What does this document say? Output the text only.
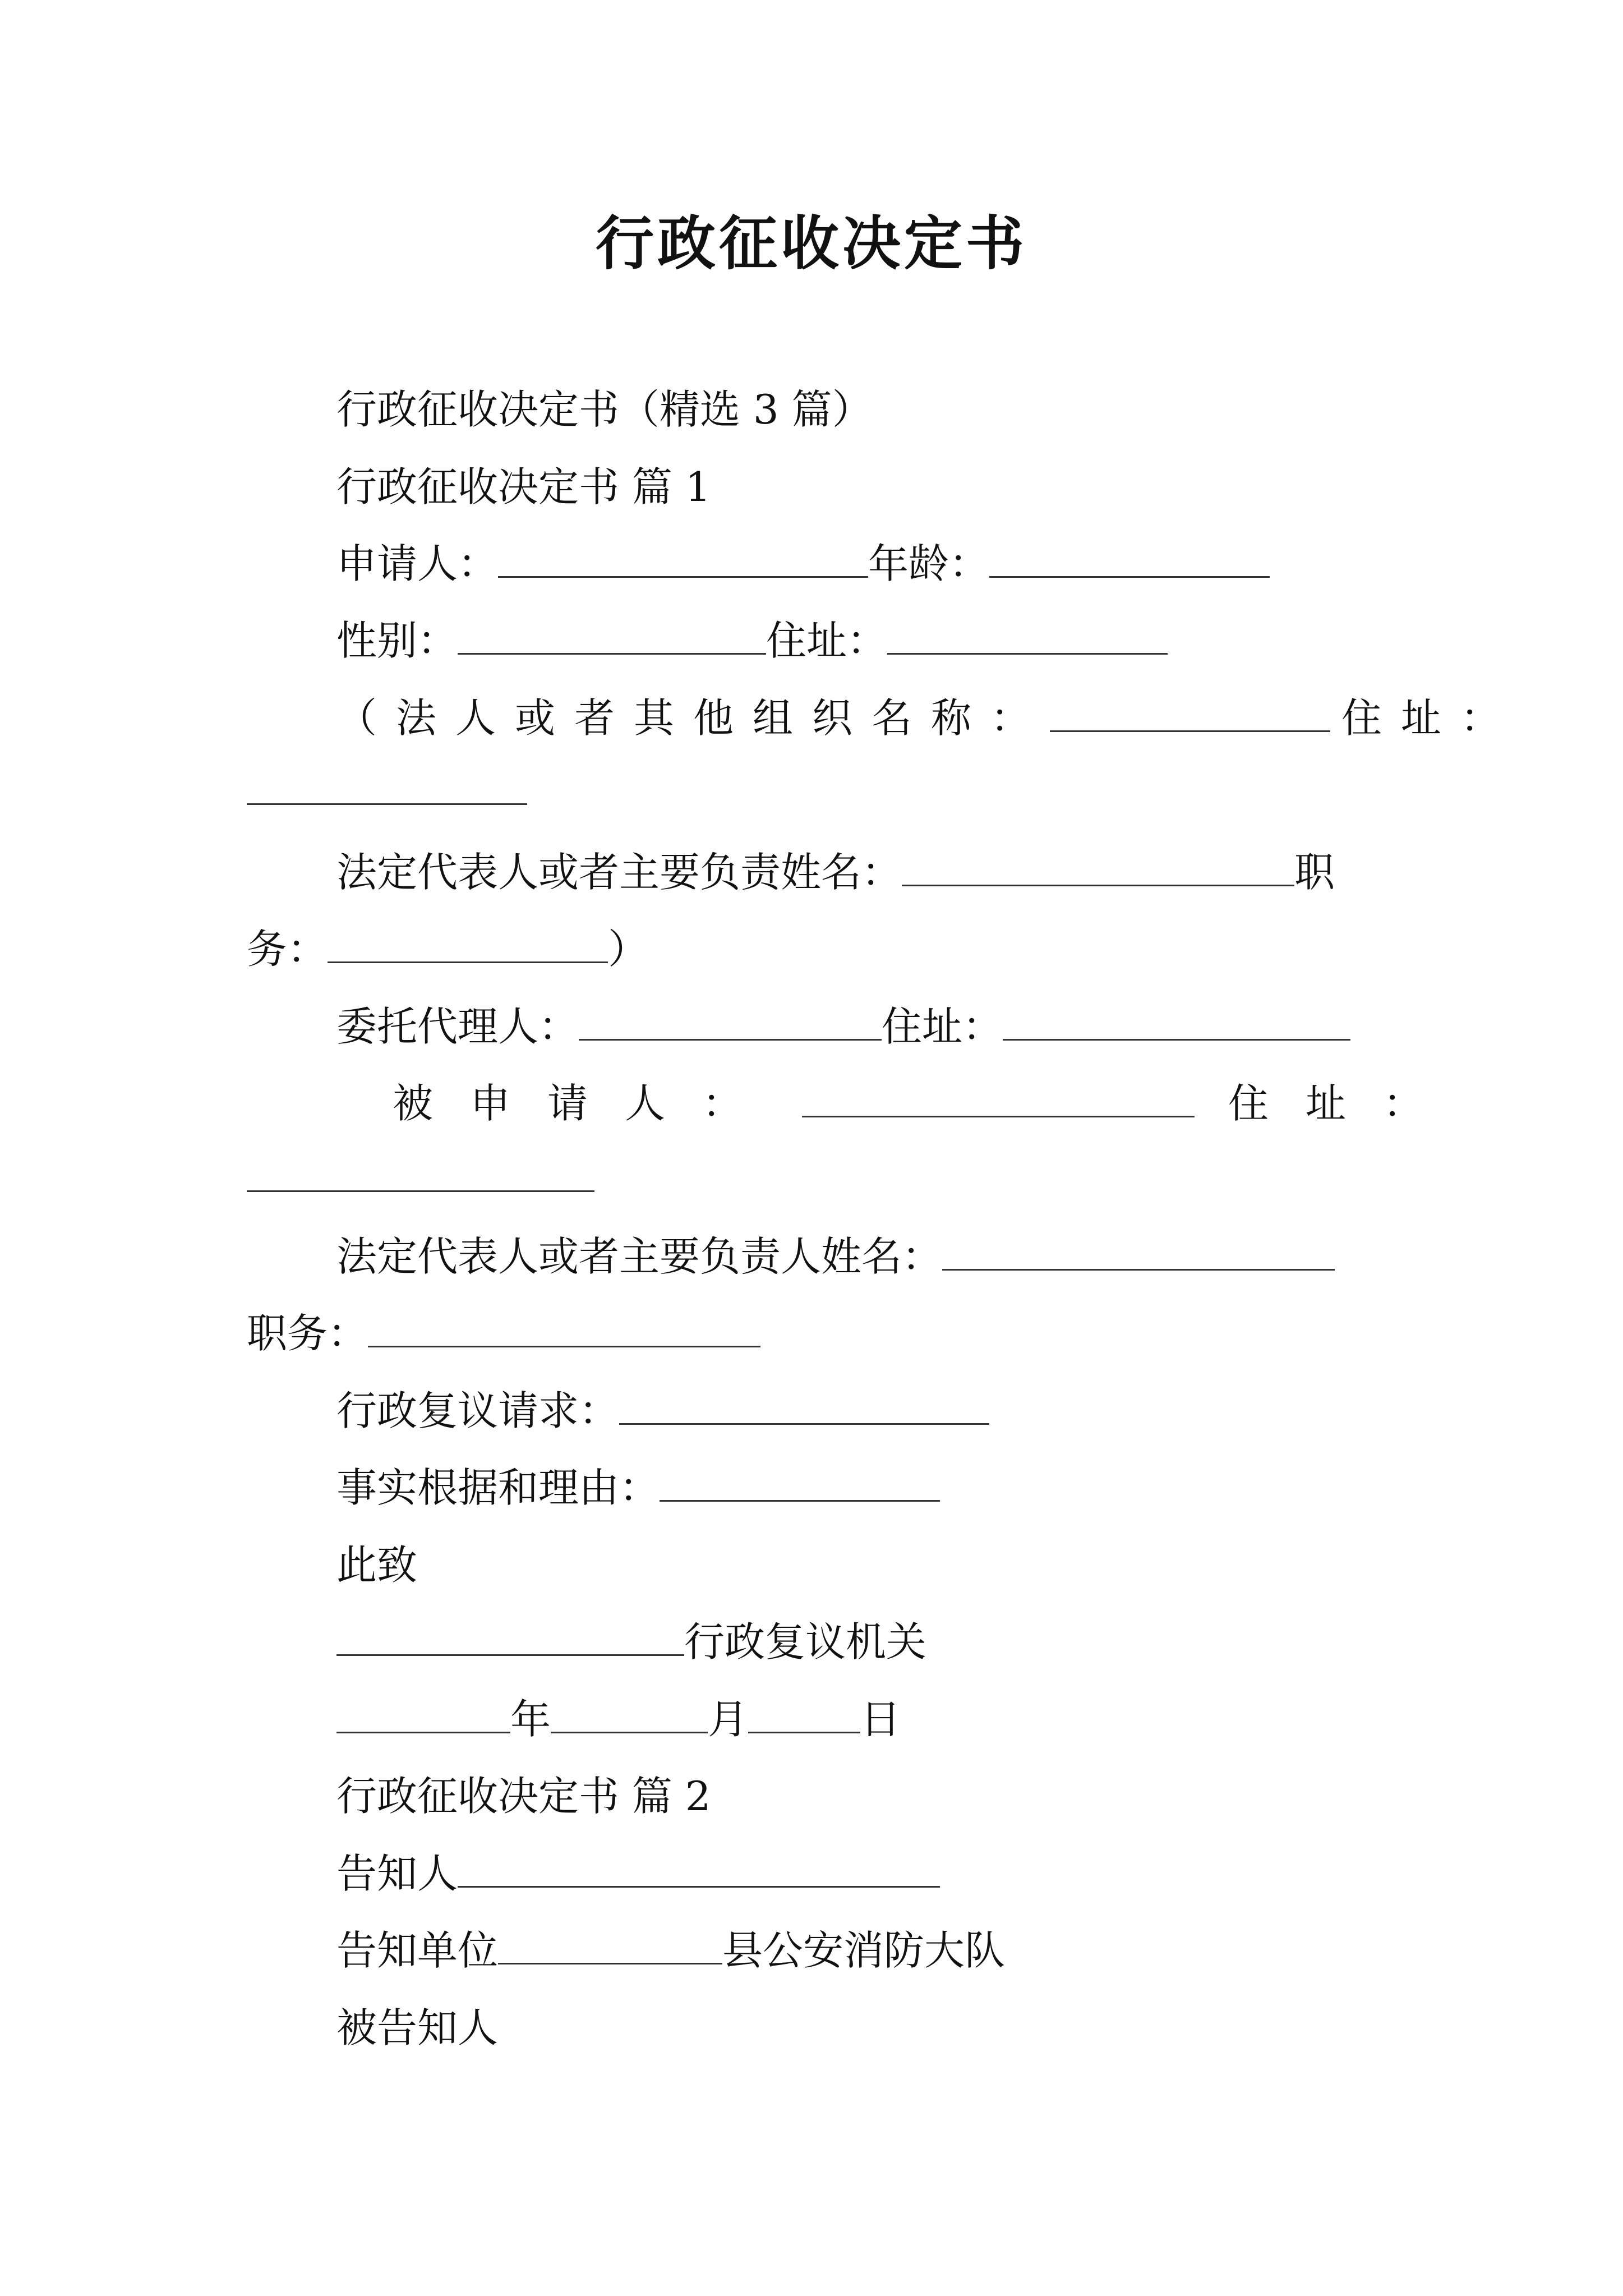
行政征收决定书
行政征收决定书（精选 3 篇）
行政征收决定书 篇 1
申请人：	年龄：
性别：	住址：
（法人或者其他组织名称：	住址：
法定代表人或者主要负责姓名：	职
务：	）
委托代理人：	住址：
被申请人：	住址：
法定代表人或者主要负责人姓名：
职务：
行政复议请求：
事实根据和理由：
此致
行政复议机关
年	月	日
行政征收决定书 篇 2
告知人
告知单位	县公安消防大队
被告知人
